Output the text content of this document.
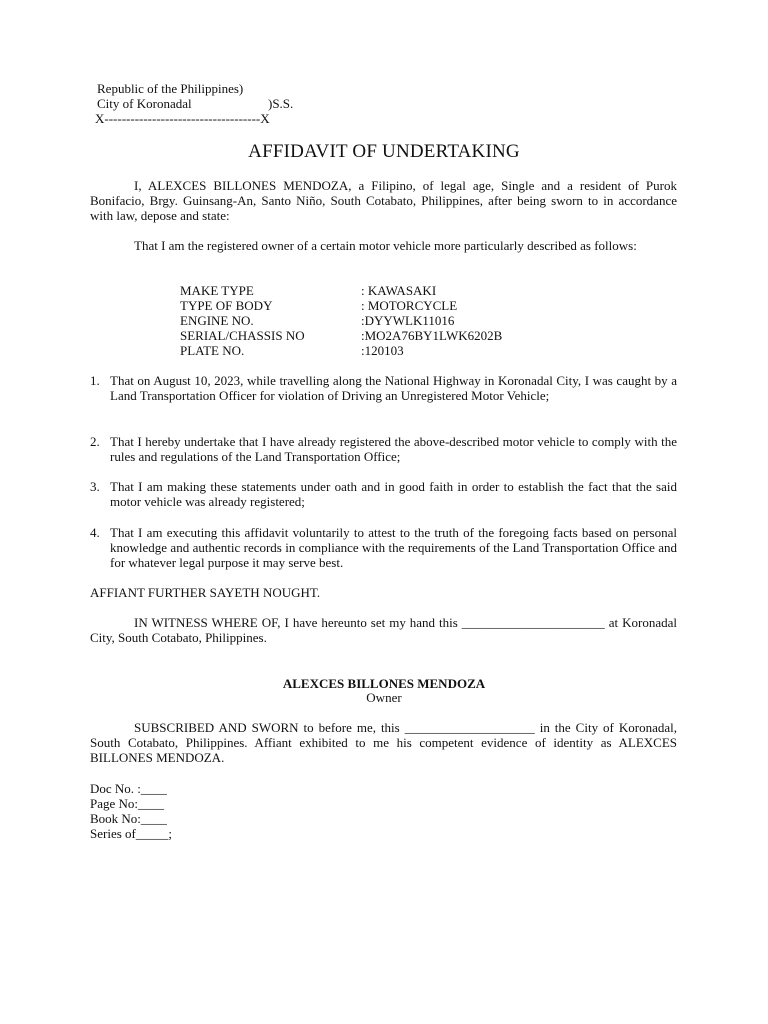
Republic of the Philippines)
City of Koronadal	)S.S.
X------------------------------------X
AFFIDAVIT OF UNDERTAKING
I, ALEXCES BILLONES MENDOZA, a Filipino, of legal age, Single and a resident of Purok Bonifacio, Brgy. Guinsang-An, Santo Niño, South Cotabato, Philippines, after being sworn to in accordance with law, depose and state:
That I am the registered owner of a certain motor vehicle more particularly described as follows:
MAKE TYPE	: KAWASAKI
TYPE OF BODY	: MOTORCYCLE
ENGINE NO.	:DYYWLK11016
SERIAL/CHASSIS NO	:MO2A76BY1LWK6202B
PLATE NO.	:120103
1. That on August 10, 2023, while travelling along the National Highway in Koronadal City, I was caught by a Land Transportation Officer for violation of Driving an Unregistered Motor Vehicle;
2. That I hereby undertake that I have already registered the above-described motor vehicle to comply with the rules and regulations of the Land Transportation Office;
3. That I am making these statements under oath and in good faith in order to establish the fact that the said motor vehicle was already registered;
4. That I am executing this affidavit voluntarily to attest to the truth of the foregoing facts based on personal knowledge and authentic records in compliance with the requirements of the Land Transportation Office and for whatever legal purpose it may serve best.
AFFIANT FURTHER SAYETH NOUGHT.
IN WITNESS WHERE OF, I have hereunto set my hand this ______________________ at Koronadal City, South Cotabato, Philippines.
ALEXCES BILLONES MENDOZA
Owner
SUBSCRIBED AND SWORN to before me, this ____________________ in the City of Koronadal, South Cotabato, Philippines. Affiant exhibited to me his competent evidence of identity as ALEXCES BILLONES MENDOZA.
Doc No. :____
Page No:____
Book No:____
Series of_____;
